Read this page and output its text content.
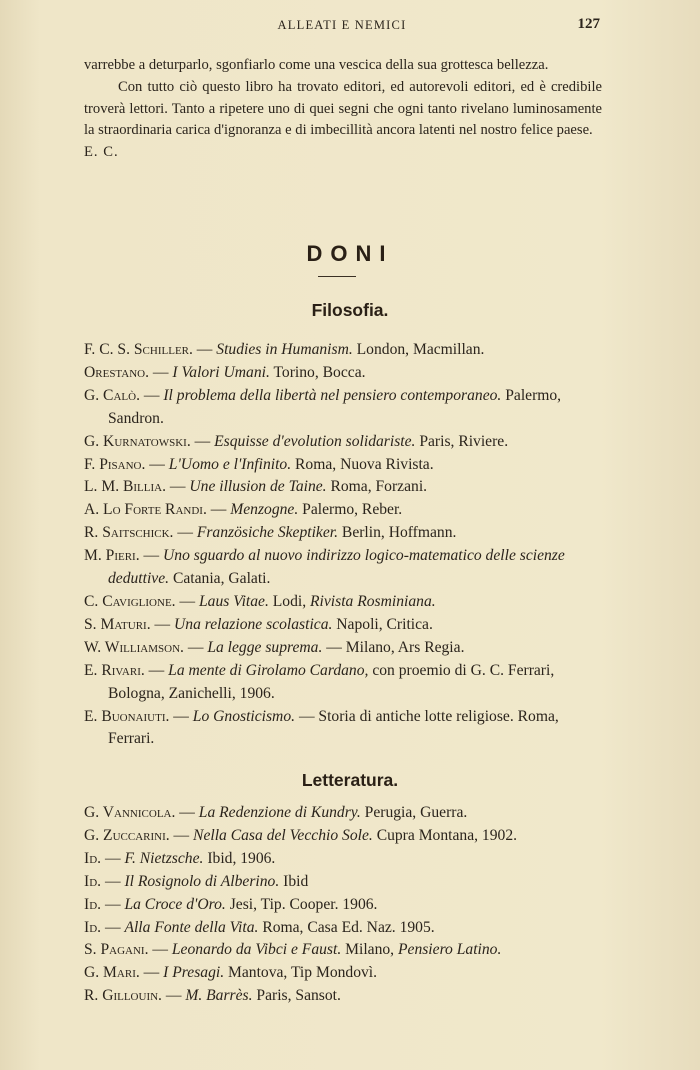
ALLEATI E NEMICI	127

varrebbe a deturparlo, sgonfiarlo come una vescica della sua grottesca bellezza.

Con tutto ciò questo libro ha trovato editori, ed autorevoli editori, ed è credibile troverà lettori. Tanto a ripetere uno di quei segni che ogni tanto rivelano luminosamente la straordinaria carica d'ignoranza e di imbecillità ancora latenti nel nostro felice paese.

E. C.

DONI
Filosofia.
F. C. S. Schiller. — Studies in Humanism. London, Macmillan.
Orestano. — I Valori Umani. Torino, Bocca.
G. Calò. — Il problema della libertà nel pensiero contemporaneo. Palermo, Sandron.
G. Kurnatowski. — Esquisse d'evolution solidariste. Paris, Riviere.
F. Pisano. — L'Uomo e l'Infinito. Roma, Nuova Rivista.
L. M. Billia. — Une illusion de Taine. Roma, Forzani.
A. Lo Forte Randi. — Menzogne. Palermo, Reber.
R. Saitschick. — Französiche Skeptiker. Berlin, Hoffmann.
M. Pieri. — Uno sguardo al nuovo indirizzo logico-matematico delle scienze deduttive. Catania, Galati.
C. Caviglione. — Laus Vitae. Lodi, Rivista Rosminiana.
S. Maturi. — Una relazione scolastica. Napoli, Critica.
W. Williamson. — La legge suprema. — Milano, Ars Regia.
E. Rivari. — La mente di Girolamo Cardano, con proemio di G. C. Ferrari, Bologna, Zanichelli, 1906.
E. Buonaiuti. — Lo Gnosticismo. — Storia di antiche lotte religiose. Roma, Ferrari.
Letteratura.
G. Vannicola. — La Redenzione di Kundry. Perugia, Guerra.
G. Zuccarini. — Nella Casa del Vecchio Sole. Cupra Montana, 1902.
Id. — F. Nietzsche. Ibid, 1906.
Id. — Il Rosignolo di Alberino. Ibid
Id. — La Croce d'Oro. Jesi, Tip. Cooper. 1906.
Id. — Alla Fonte della Vita. Roma, Casa Ed. Naz. 1905.
S. Pagani. — Leonardo da Vibci e Faust. Milano, Pensiero Latino.
G. Mari. — I Presagi. Mantova, Tip Mondovì.
R. Gillouin. — M. Barrès. Paris, Sansot.
